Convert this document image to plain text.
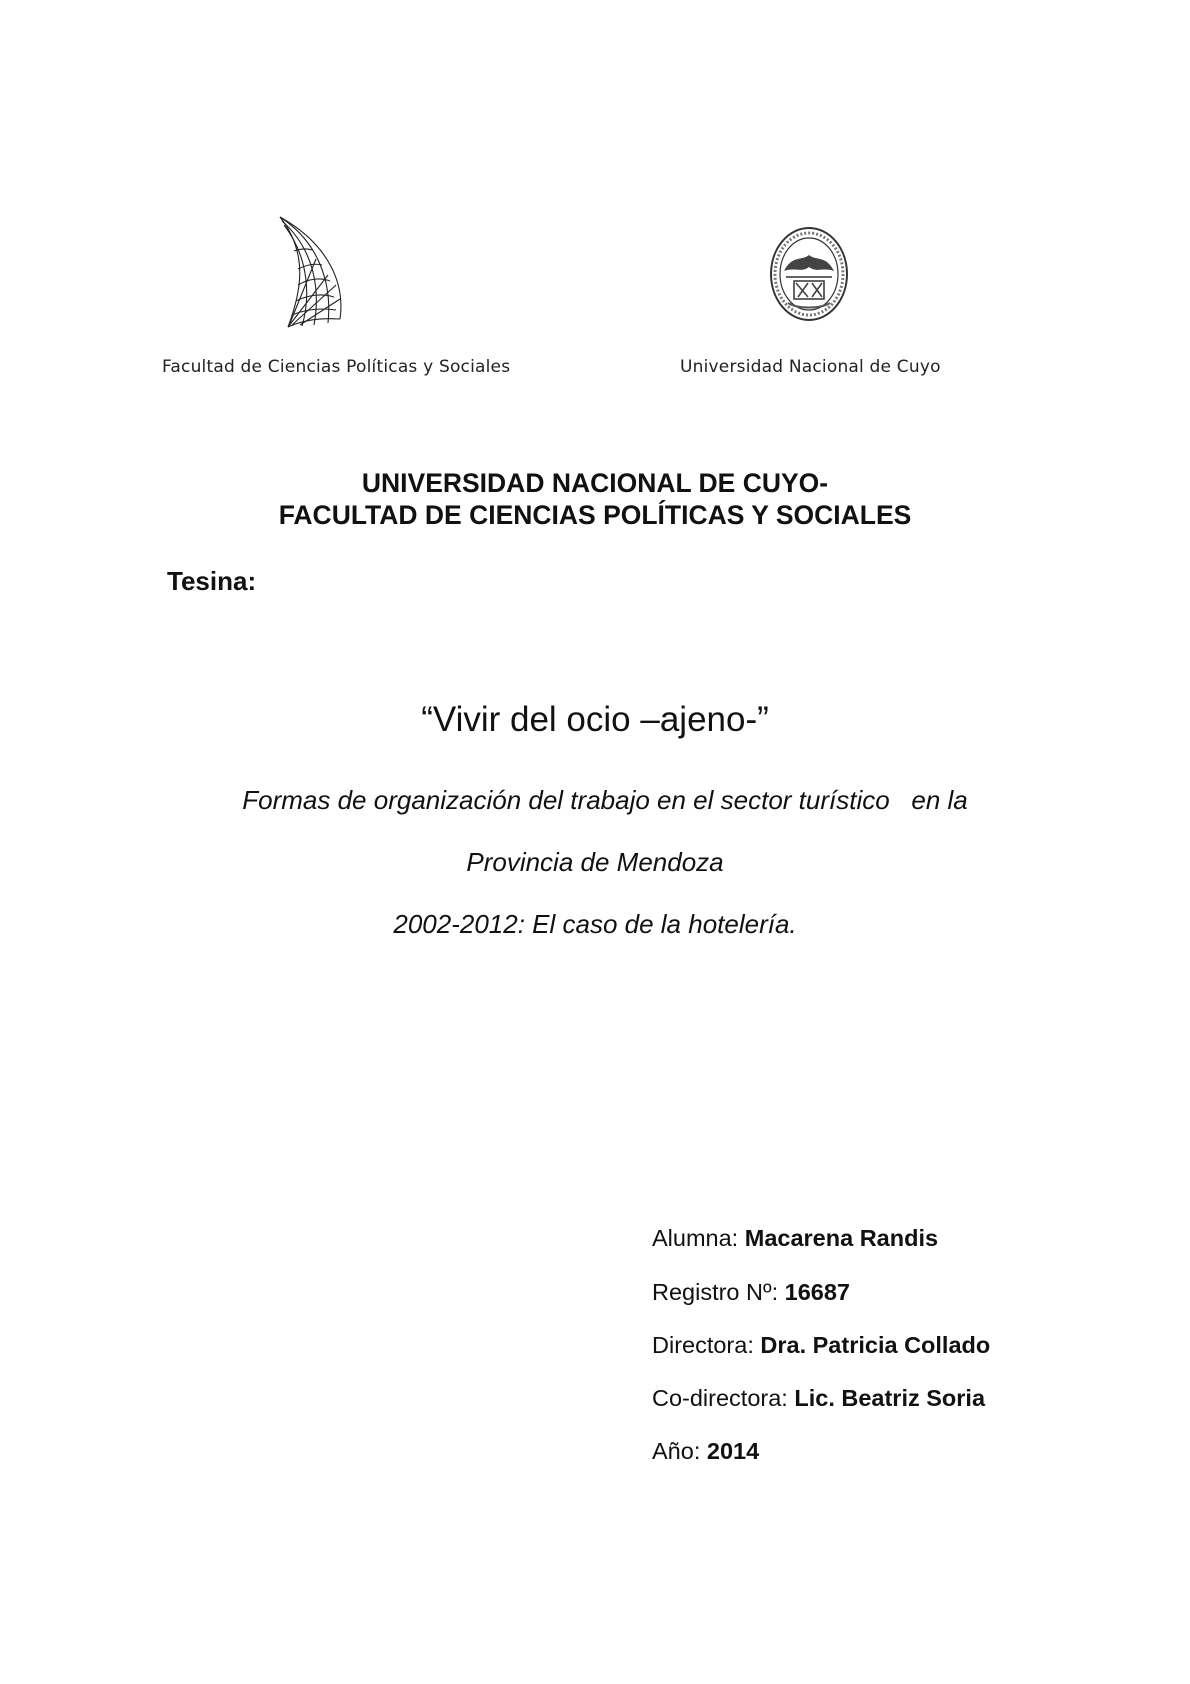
Facultad de Ciencias Políticas y Sociales	Universidad Nacional de Cuyo
UNIVERSIDAD NACIONAL DE CUYO-
FACULTAD DE CIENCIAS POLÍTICAS Y SOCIALES
Tesina:
“Vivir del ocio –ajeno-”
Formas de organización del trabajo en el sector turístico   en la
Provincia de Mendoza
2002-2012: El caso de la hotelería.
Alumna: Macarena Randis
Registro Nº: 16687
Directora: Dra. Patricia Collado
Co-directora: Lic. Beatriz Soria
Año: 2014
